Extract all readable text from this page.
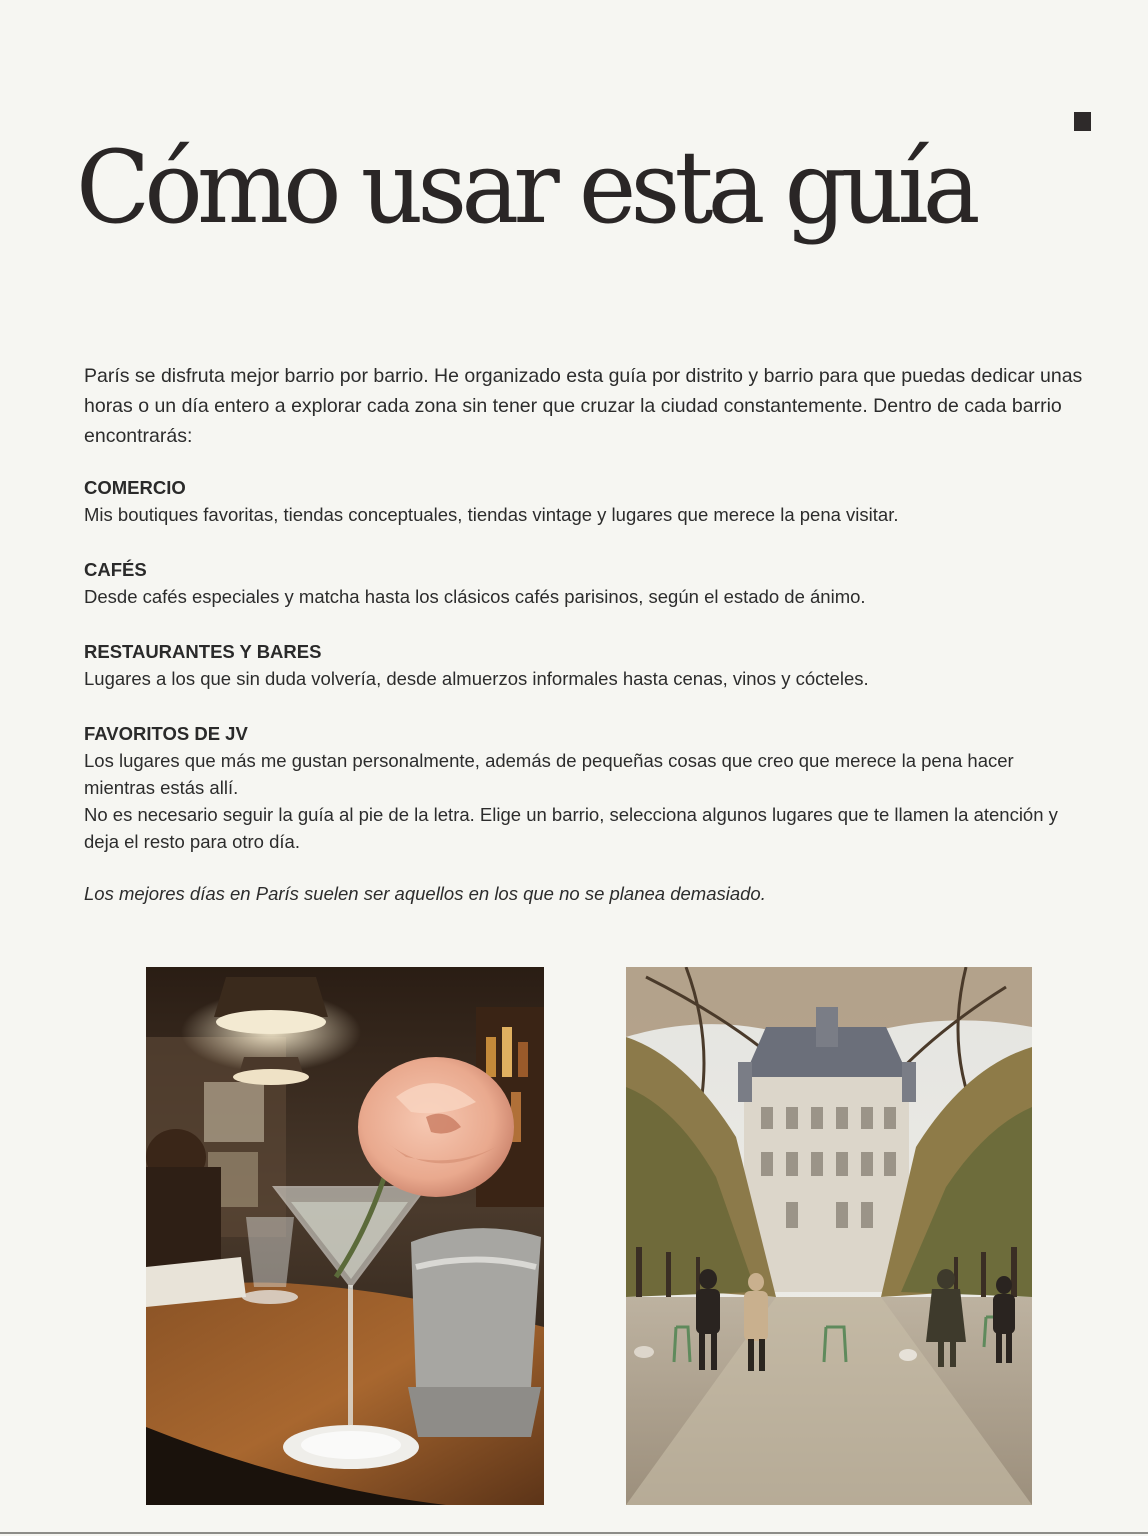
Cómo usar esta guía

París se disfruta mejor barrio por barrio. He organizado esta guía por distrito y barrio para que puedas dedicar unas horas o un día entero a explorar cada zona sin tener que cruzar la ciudad constantemente. Dentro de cada barrio encontrarás:

COMERCIO

Mis boutiques favoritas, tiendas conceptuales, tiendas vintage y lugares que merece la pena visitar.

CAFÉS

Desde cafés especiales y matcha hasta los clásicos cafés parisinos, según el estado de ánimo.

RESTAURANTES Y BARES

Lugares a los que sin duda volvería, desde almuerzos informales hasta cenas, vinos y cócteles.

FAVORITOS DE JV

Los lugares que más me gustan personalmente, además de pequeñas cosas que creo que merece la pena hacer mientras estás allí.

No es necesario seguir la guía al pie de la letra. Elige un barrio, selecciona algunos lugares que te llamen la atención y deja el resto para otro día.

Los mejores días en París suelen ser aquellos en los que no se planea demasiado.
